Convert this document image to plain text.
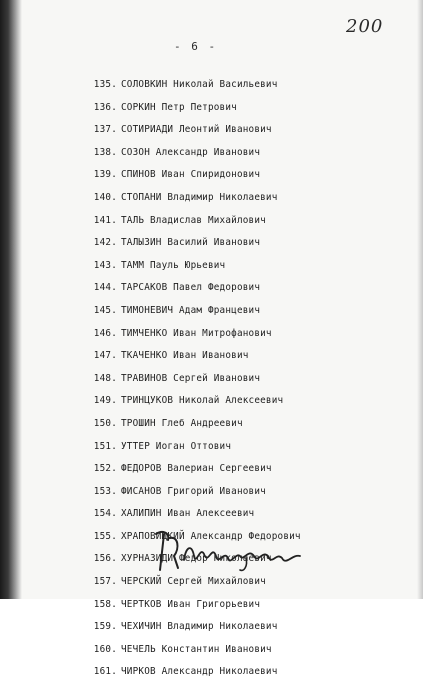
200
- 6 -
135. СОЛОВКИН Николай Васильевич
136. СОРКИН Петр Петрович
137. СОТИРИАДИ Леонтий Иванович
138. СОЗОН Александр Иванович
139. СПИНОВ Иван Спиридонович
140. СТОПАНИ Владимир Николаевич
141. ТАЛЬ Владислав Михайлович
142. ТАЛЫЗИН Василий Иванович
143. ТАММ Пауль Юрьевич
144. ТАРСАКОВ Павел Федорович
145. ТИМОНЕВИЧ Адам Францевич
146. ТИМЧЕНКО Иван Митрофанович
147. ТКАЧЕНКО Иван Иванович
148. ТРАВИНОВ Сергей Иванович
149. ТРИНЦУКОВ Николай Алексеевич
150. ТРОШИН Глеб Андреевич
151. УТТЕР Иоган Оттович
152. ФЕДОРОВ Валериан Сергеевич
153. ФИСАНОВ Григорий Иванович
154. ХАЛИПИН Иван Алексеевич
155. ХРАПОВИЦКИЙ Александр Федорович
156. ХУРНАЗИДИ Федор Николаевич
157. ЧЕРСКИЙ Сергей Михайлович
158. ЧЕРТКОВ Иван Григорьевич
159. ЧЕХИЧИН Владимир Николаевич
160. ЧЕЧЕЛЬ Константин Иванович
161. ЧИРКОВ Александр Николаевич
